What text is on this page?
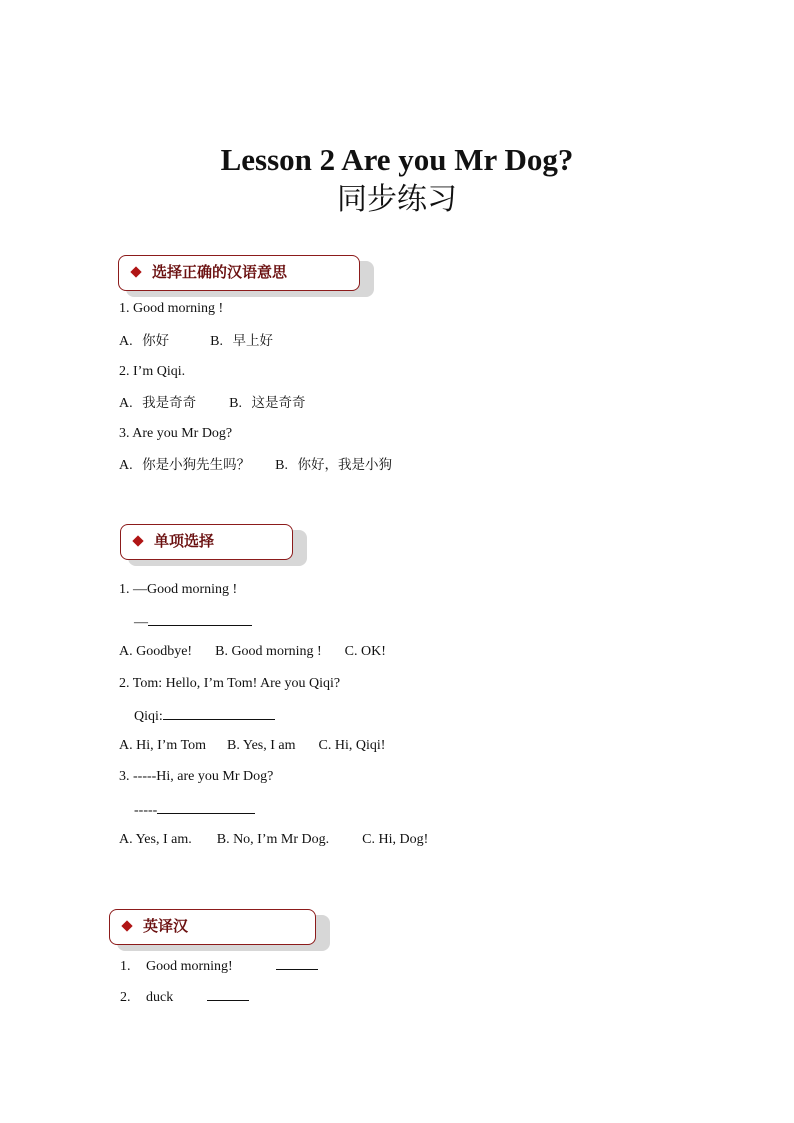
Lesson 2 Are you Mr Dog?
同步练习
选择正确的汉语意思
1. Good morning !
A. 你好	B. 早上好
2. I’m Qiqi.
A. 我是奇奇 B. 这是奇奇
3. Are you Mr Dog?
A. 你是小狗先生吗？ B. 你好，我是小狗
单项选择
1. —Good morning !
—
A. Goodbye! B. Good morning ! C. OK!
2. Tom: Hello, I’m Tom! Are you Qiqi?
Qiqi:
A. Hi, I’m Tom B. Yes, I am C. Hi, Qiqi!
3. -----Hi, are you Mr Dog?
-----
A. Yes, I am. B. No, I’m Mr Dog. C. Hi, Dog!
英译汉
1. Good morning!
2. duck
